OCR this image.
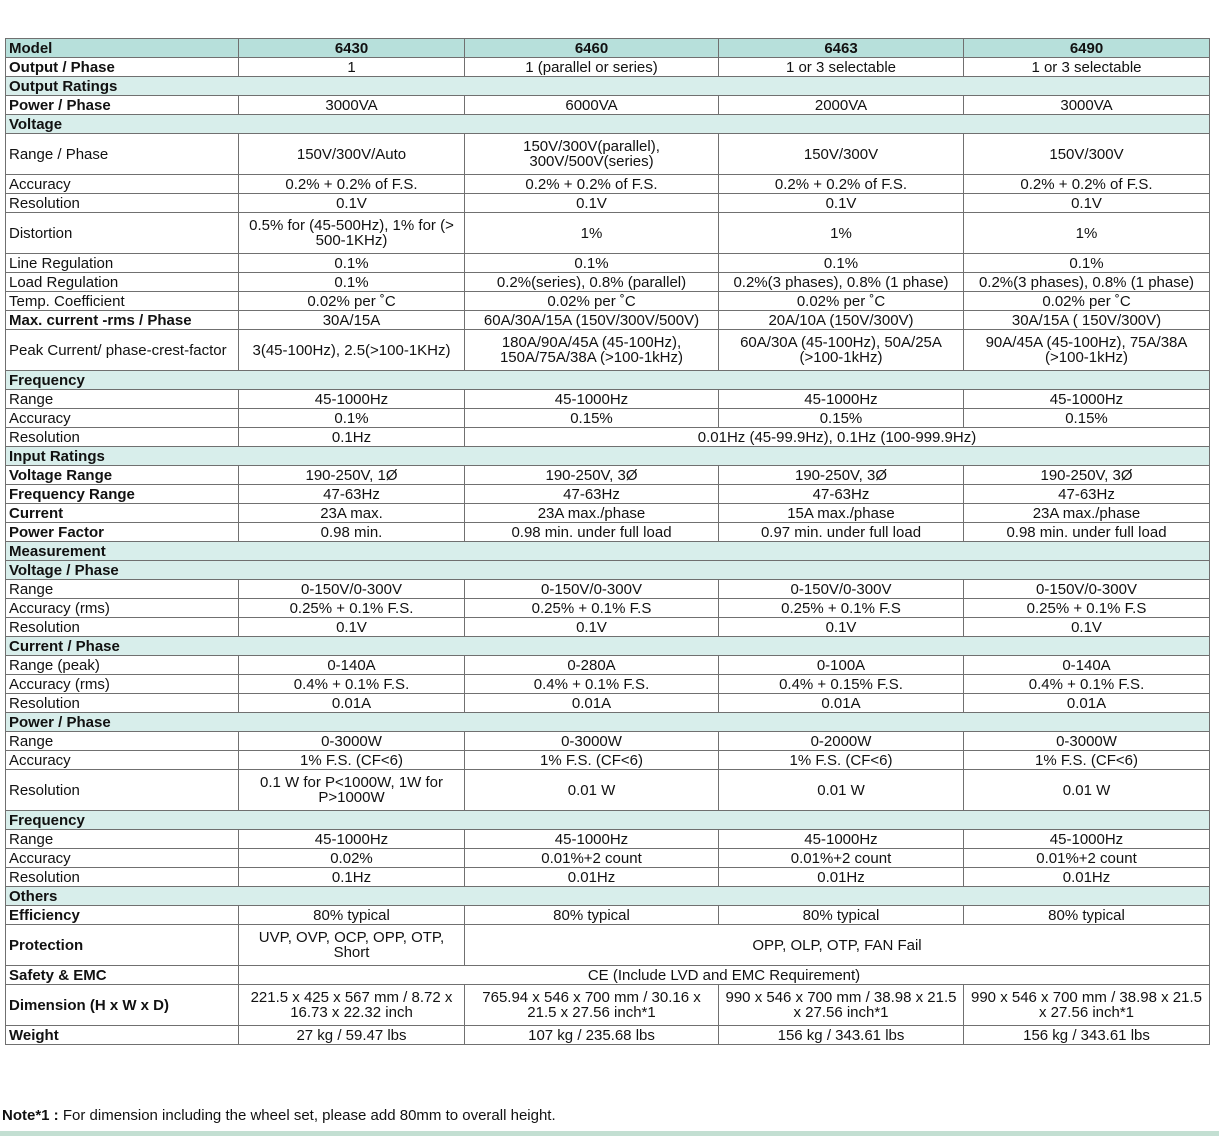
Model	6430	6460	6463	6490
Output / Phase	1	1 (parallel or series)	1 or 3 selectable	1 or 3 selectable
Output Ratings				
Power / Phase	3000VA	6000VA	2000VA	3000VA
Voltage				
Range / Phase	150V/300V/Auto	150V/300V(parallel), 300V/500V(series)	150V/300V	150V/300V
Accuracy	0.2% + 0.2% of F.S.	0.2% + 0.2% of F.S.	0.2% + 0.2% of F.S.	0.2% + 0.2% of F.S.
Resolution	0.1V	0.1V	0.1V	0.1V
Distortion	0.5% for (45-500Hz), 1% for (> 500-1KHz)	1%	1%	1%
Line Regulation	0.1%	0.1%	0.1%	0.1%
Load Regulation	0.1%	0.2%(series), 0.8% (parallel)	0.2%(3 phases), 0.8% (1 phase)	0.2%(3 phases), 0.8% (1 phase)
Temp. Coefficient	0.02% per ˚C	0.02% per ˚C	0.02% per ˚C	0.02% per ˚C
Max. current -rms / Phase	30A/15A	60A/30A/15A (150V/300V/500V)	20A/10A (150V/300V)	30A/15A ( 150V/300V)
Peak Current/ phase-crest-factor	3(45-100Hz), 2.5(>100-1KHz)	180A/90A/45A (45-100Hz), 150A/75A/38A (>100-1kHz)	60A/30A (45-100Hz), 50A/25A (>100-1kHz)	90A/45A (45-100Hz), 75A/38A (>100-1kHz)
Frequency				
Range	45-1000Hz	45-1000Hz	45-1000Hz	45-1000Hz
Accuracy	0.1%	0.15%	0.15%	0.15%
Resolution	0.1Hz	0.01Hz (45-99.9Hz), 0.1Hz (100-999.9Hz)		
Input Ratings				
Voltage Range	190-250V, 1Ø	190-250V, 3Ø	190-250V, 3Ø	190-250V, 3Ø
Frequency Range	47-63Hz	47-63Hz	47-63Hz	47-63Hz
Current	23A max.	23A max./phase	15A max./phase	23A max./phase
Power Factor	0.98 min.	0.98 min. under full load	0.97 min. under full load	0.98 min. under full load
Measurement				
Voltage / Phase				
Range	0-150V/0-300V	0-150V/0-300V	0-150V/0-300V	0-150V/0-300V
Accuracy (rms)	0.25% + 0.1% F.S.	0.25% + 0.1% F.S	0.25% + 0.1% F.S	0.25% + 0.1% F.S
Resolution	0.1V	0.1V	0.1V	0.1V
Current / Phase				
Range (peak)	0-140A	0-280A	0-100A	0-140A
Accuracy (rms)	0.4% + 0.1% F.S.	0.4% + 0.1% F.S.	0.4% + 0.15% F.S.	0.4% + 0.1% F.S.
Resolution	0.01A	0.01A	0.01A	0.01A
Power / Phase				
Range	0-3000W	0-3000W	0-2000W	0-3000W
Accuracy	1% F.S. (CF<6)	1% F.S. (CF<6)	1% F.S. (CF<6)	1% F.S. (CF<6)
Resolution	0.1 W for P<1000W, 1W for P>1000W	0.01 W	0.01 W	0.01 W
Frequency				
Range	45-1000Hz	45-1000Hz	45-1000Hz	45-1000Hz
Accuracy	0.02%	0.01%+2 count	0.01%+2 count	0.01%+2 count
Resolution	0.1Hz	0.01Hz	0.01Hz	0.01Hz
Others				
Efficiency	80% typical	80% typical	80% typical	80% typical
Protection	UVP, OVP, OCP, OPP, OTP, Short	OPP, OLP, OTP, FAN Fail		
Safety & EMC	CE (Include LVD and EMC Requirement)			
Dimension (H x W x D)	221.5 x 425 x 567 mm / 8.72 x 16.73 x 22.32 inch	765.94 x 546 x 700 mm / 30.16 x 21.5 x 27.56 inch*1	990 x 546 x 700 mm / 38.98 x 21.5 x 27.56 inch*1	990 x 546 x 700 mm / 38.98 x 21.5 x 27.56 inch*1
Weight	27 kg / 59.47 lbs	107 kg / 235.68 lbs	156 kg / 343.61 lbs	156 kg / 343.61 lbs
Note*1 : For dimension including the wheel set, please add 80mm to overall height.
